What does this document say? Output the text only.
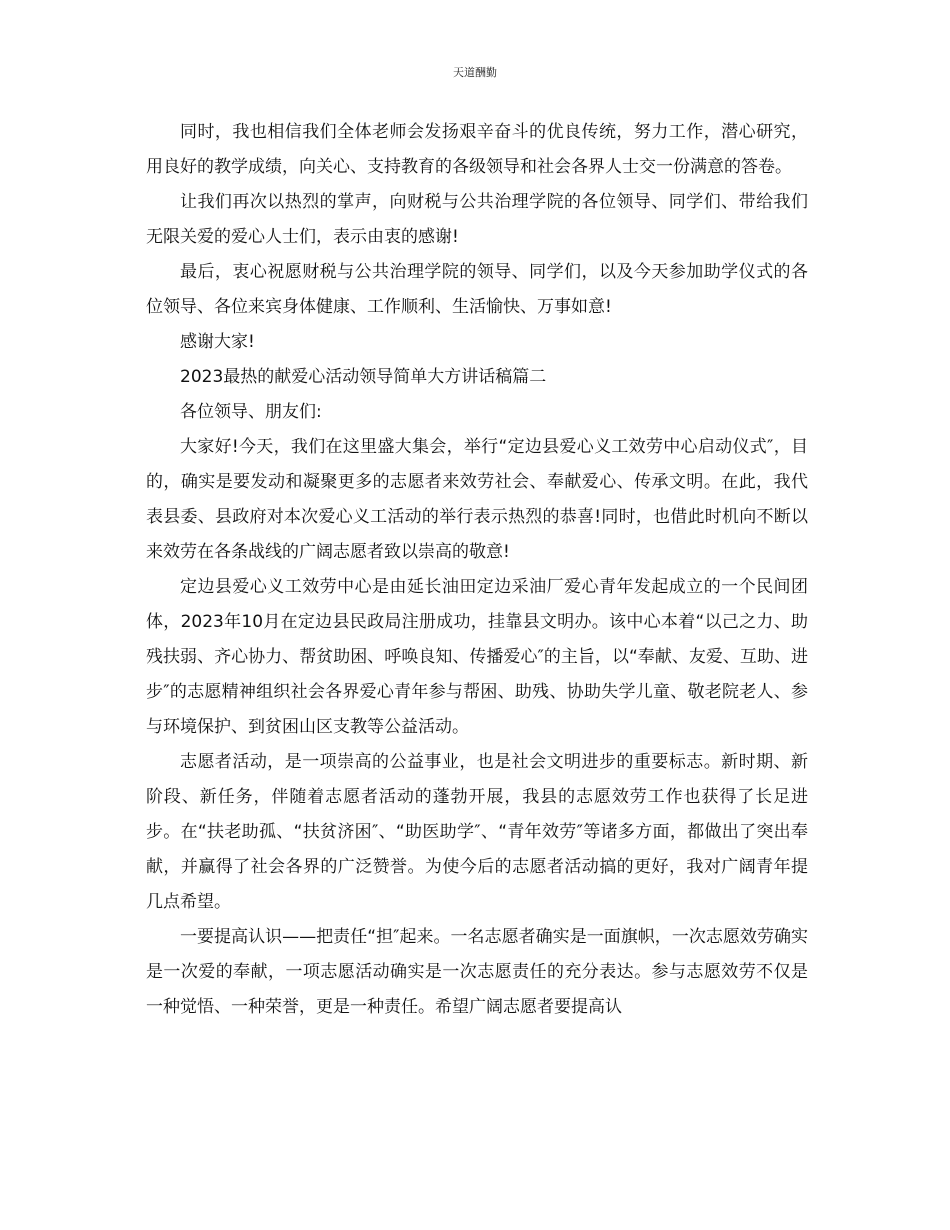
天道酬勤

同时，我也相信我们全体老师会发扬艰辛奋斗的优良传统，努力工作，潜心研究，用良好的教学成绩，向关心、支持教育的各级领导和社会各界人士交一份满意的答卷。

让我们再次以热烈的掌声，向财税与公共治理学院的各位领导、同学们、带给我们无限关爱的爱心人士们，表示由衷的感谢!

最后，衷心祝愿财税与公共治理学院的领导、同学们，以及今天参加助学仪式的各位领导、各位来宾身体健康、工作顺利、生活愉快、万事如意!

感谢大家!

2023最热的献爱心活动领导简单大方讲话稿篇二

各位领导、朋友们:

大家好!今天，我们在这里盛大集会，举行“定边县爱心义工效劳中心启动仪式″，目的，确实是要发动和凝聚更多的志愿者来效劳社会、奉献爱心、传承文明。在此，我代表县委、县政府对本次爱心义工活动的举行表示热烈的恭喜!同时，也借此时机向不断以来效劳在各条战线的广阔志愿者致以崇高的敬意!

定边县爱心义工效劳中心是由延长油田定边采油厂爱心青年发起成立的一个民间团体，2023年10月在定边县民政局注册成功，挂靠县文明办。该中心本着“以己之力、助残扶弱、齐心协力、帮贫助困、呼唤良知、传播爱心″的主旨，以“奉献、友爱、互助、进步″的志愿精神组织社会各界爱心青年参与帮困、助残、协助失学儿童、敬老院老人、参与环境保护、到贫困山区支教等公益活动。

志愿者活动，是一项崇高的公益事业，也是社会文明进步的重要标志。新时期、新阶段、新任务，伴随着志愿者活动的蓬勃开展，我县的志愿效劳工作也获得了长足进步。在“扶老助孤、“扶贫济困″、“助医助学″、“青年效劳″等诸多方面，都做出了突出奉献，并赢得了社会各界的广泛赞誉。为使今后的志愿者活动搞的更好，我对广阔青年提几点希望。

一要提高认识——把责任“担″起来。一名志愿者确实是一面旗帜，一次志愿效劳确实是一次爱的奉献，一项志愿活动确实是一次志愿责任的充分表达。参与志愿效劳不仅是一种觉悟、一种荣誉，更是一种责任。希望广阔志愿者要提高认
